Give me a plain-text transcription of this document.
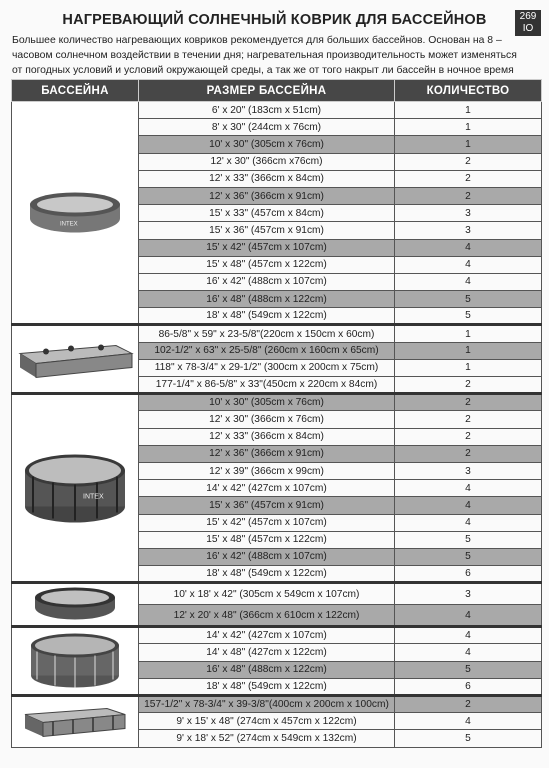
269
IO
НАГРЕВАЮЩИЙ СОЛНЕЧНЫЙ КОВРИК ДЛЯ БАССЕЙНОВ
Большее количество нагревающих ковриков рекомендуется для больших бассейнов. Основан на 8 – часовом солнечном воздействии в течении дня; нагревательная производительность может изменяться от погодных условий и условий окружающей среды, а так же от того накрыт ли бассейн в ночное время
БАССЕЙНА	РАЗМЕР БАССЕЙНА	КОЛИЧЕСТВО

INTEX	6' x 20" (183cm x 51cm)	1
	8' x 30" (244cm x 76cm)	1
	10' x 30" (305cm x 76cm)	1
	12' x 30" (366cm x76cm)	2
	12' x 33" (366cm x 84cm)	2
	12' x 36" (366cm x 91cm)	2
	15' x 33" (457cm x 84cm)	3
	15' x 36" (457cm x 91cm)	3
	15' x 42" (457cm x 107cm)	4
	15' x 48" (457cm x 122cm)	4
	16' x 42" (488cm x 107cm)	4
	16' x 48" (488cm x 122cm)	5
	18' x 48" (549cm x 122cm)	5

	86-5/8" x 59" x 23-5/8"(220cm x 150cm x 60cm)	1
	102-1/2" x 63" x 25-5/8" (260cm x 160cm x 65cm)	1
	118" x 78-3/4" x 29-1/2" (300cm x 200cm x 75cm)	1
	177-1/4" x 86-5/8" x 33"(450cm x 220cm x 84cm)	2

INTEX	10' x 30" (305cm x 76cm)	2
	12' x 30" (366cm x 76cm)	2
	12' x 33" (366cm x 84cm)	2
	12' x 36" (366cm x 91cm)	2
	12' x 39" (366cm x 99cm)	3
	14' x 42" (427cm x 107cm)	4
	15' x 36" (457cm x 91cm)	4
	15' x 42" (457cm x 107cm)	4
	15' x 48" (457cm x 122cm)	5
	16' x 42" (488cm x 107cm)	5
	18' x 48" (549cm x 122cm)	6

	10' x 18' x 42" (305cm x 549cm x 107cm)	3
	12' x 20' x 48" (366cm x 610cm x 122cm)	4

	14' x 42" (427cm x 107cm)	4
	14' x 48" (427cm x 122cm)	4
	16' x 48" (488cm x 122cm)	5
	18' x 48" (549cm x 122cm)	6

	157-1/2" x 78-3/4" x 39-3/8"(400cm x 200cm x 100cm)	2
	9' x 15' x 48" (274cm x 457cm x 122cm)	4
	9' x 18' x 52" (274cm x 549cm x 132cm)	5
